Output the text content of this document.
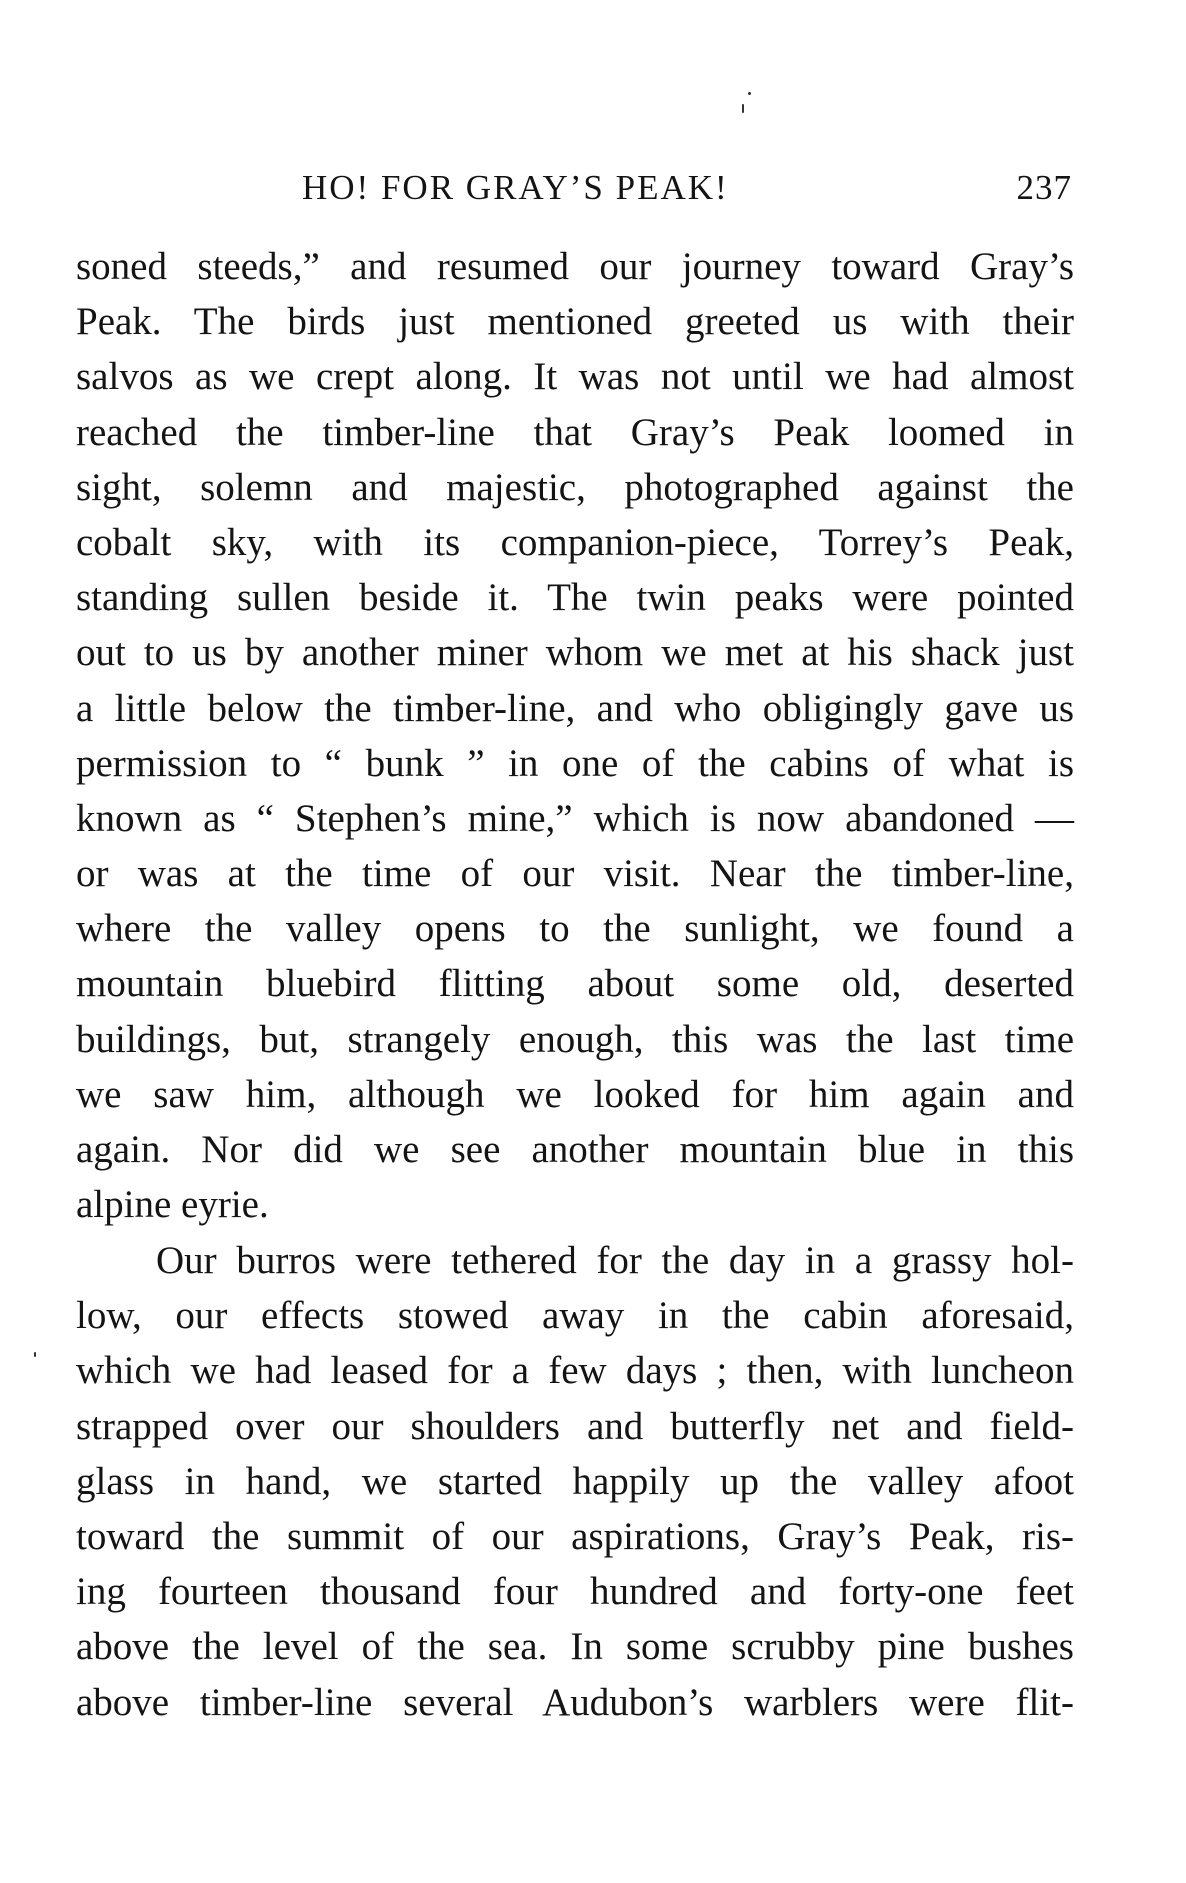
HO! FOR GRAY’S PEAK!	237
soned steeds,” and resumed our journey toward Gray’s
Peak. The birds just mentioned greeted us with their
salvos as we crept along. It was not until we had almost
reached the timber-line that Gray’s Peak loomed in
sight, solemn and majestic, photographed against the
cobalt sky, with its companion-piece, Torrey’s Peak,
standing sullen beside it. The twin peaks were pointed
out to us by another miner whom we met at his shack just
a little below the timber-line, and who obligingly gave us
permission to “ bunk ” in one of the cabins of what is
known as “ Stephen’s mine,” which is now abandoned —
or was at the time of our visit. Near the timber-line,
where the valley opens to the sunlight, we found a
mountain bluebird flitting about some old, deserted
buildings, but, strangely enough, this was the last time
we saw him, although we looked for him again and
again. Nor did we see another mountain blue in this
alpine eyrie.
Our burros were tethered for the day in a grassy hol-
low, our effects stowed away in the cabin aforesaid,
which we had leased for a few days ; then, with luncheon
strapped over our shoulders and butterfly net and field-
glass in hand, we started happily up the valley afoot
toward the summit of our aspirations, Gray’s Peak, ris-
ing fourteen thousand four hundred and forty-one feet
above the level of the sea. In some scrubby pine bushes
above timber-line several Audubon’s warblers were flit-
